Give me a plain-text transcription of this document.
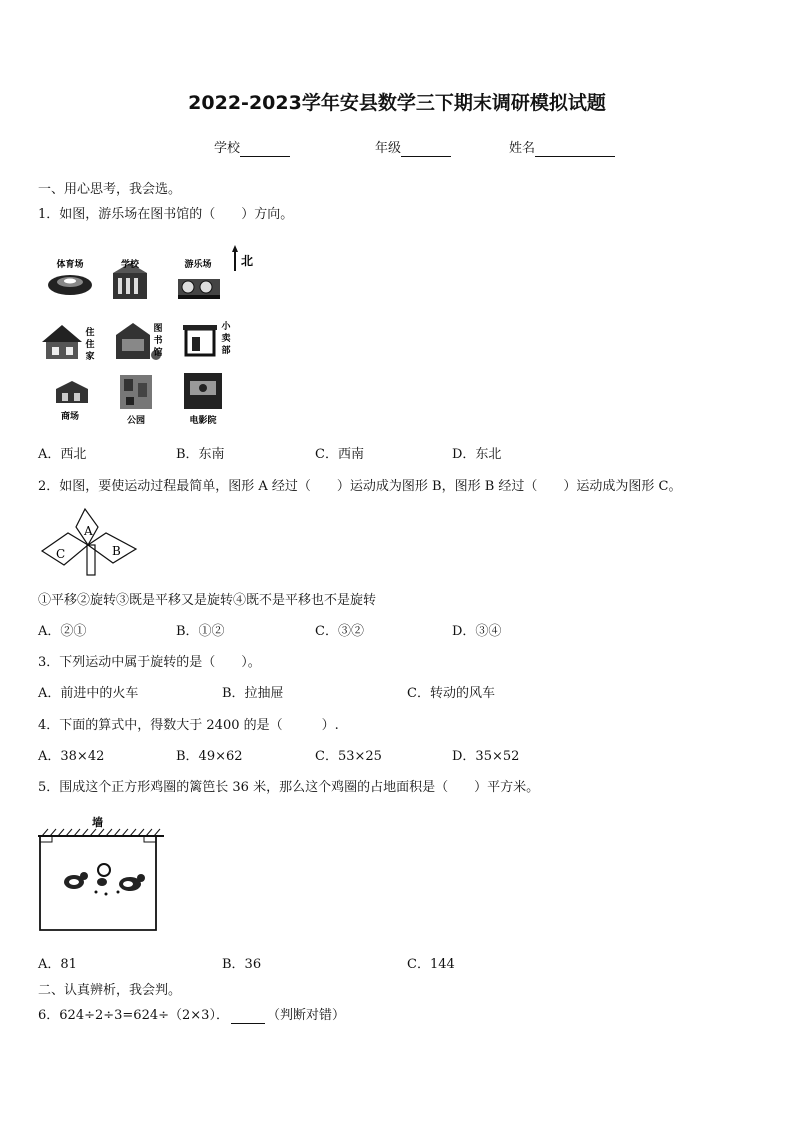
2022-2023学年安县数学三下期末调研模拟试题
学校	年级	姓名
一、用心思考，我会选。
1．如图，游乐场在图书馆的（　　）方向。
北
体育场	学校	游乐场
住
住
家
图
书
馆
小
卖
部
商场	公园	电影院
A．西北	B．东南	C．西南	D．东北
2．如图，要使运动过程最简单，图形 A 经过（　　）运动成为图形 B，图形 B 经过（　　）运动成为图形 C。
A
B
C
①平移②旋转③既是平移又是旋转④既不是平移也不是旋转
A．②①	B．①②	C．③②	D．③④
3．下列运动中属于旋转的是（　　）。
A．前进中的火车	B．拉抽屉	C．转动的风车
4．下面的算式中，得数大于 2400 的是（　　　）.
A．38×42	B．49×62	C．53×25	D．35×52
5．围成这个正方形鸡圈的篱笆长 36 米，那么这个鸡圈的占地面积是（　　）平方米。
墙
A．81	B．36	C．144
二、认真辨析，我会判。
6．624÷2÷3=624÷（2×3）．	（判断对错）
